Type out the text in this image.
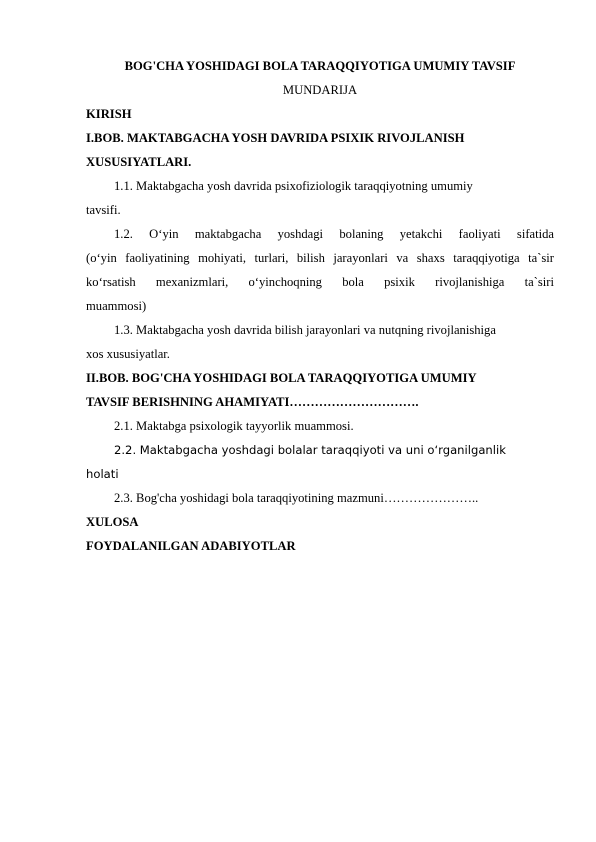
BOG'CHA YOSHIDAGI BOLA TARAQQIYOTIGA UMUMIY TAVSIF
MUNDARIJA
KIRISH
I.BOB. MAKTABGACHA YOSH DAVRIDA PSIXIK RIVOJLANISH
XUSUSIYATLARI.
1.1. Maktabgacha yosh davrida psixofiziologik taraqqiyotning umumiy
tavsifi.
1.2. O‘yin maktabgacha yoshdagi bolaning yetakchi faoliyati sifatida
(o‘yin faoliyatining mohiyati, turlari, bilish jarayonlari va shaxs taraqqiyotiga ta`sir
ko‘rsatish mexanizmlari, o‘yinchoqning bola psixik rivojlanishiga ta`siri
muammosi)
1.3. Maktabgacha yosh davrida bilish jarayonlari va nutqning rivojlanishiga
xos xususiyatlar.
II.BOB. BOG'CHA YOSHIDAGI BOLA TARAQQIYOTIGA UMUMIY
TAVSIF BERISHNING AHAMIYATI………………………….
2.1. Maktabga psixologik tayyorlik muammosi.
2.2. Maktabgacha yoshdagi bolalar taraqqiyoti va uni o‘rganilganlik
holati
2.3. Bog'cha yoshidagi bola taraqqiyotining mazmuni…………………..
XULOSA
FOYDALANILGAN ADABIYOTLAR
